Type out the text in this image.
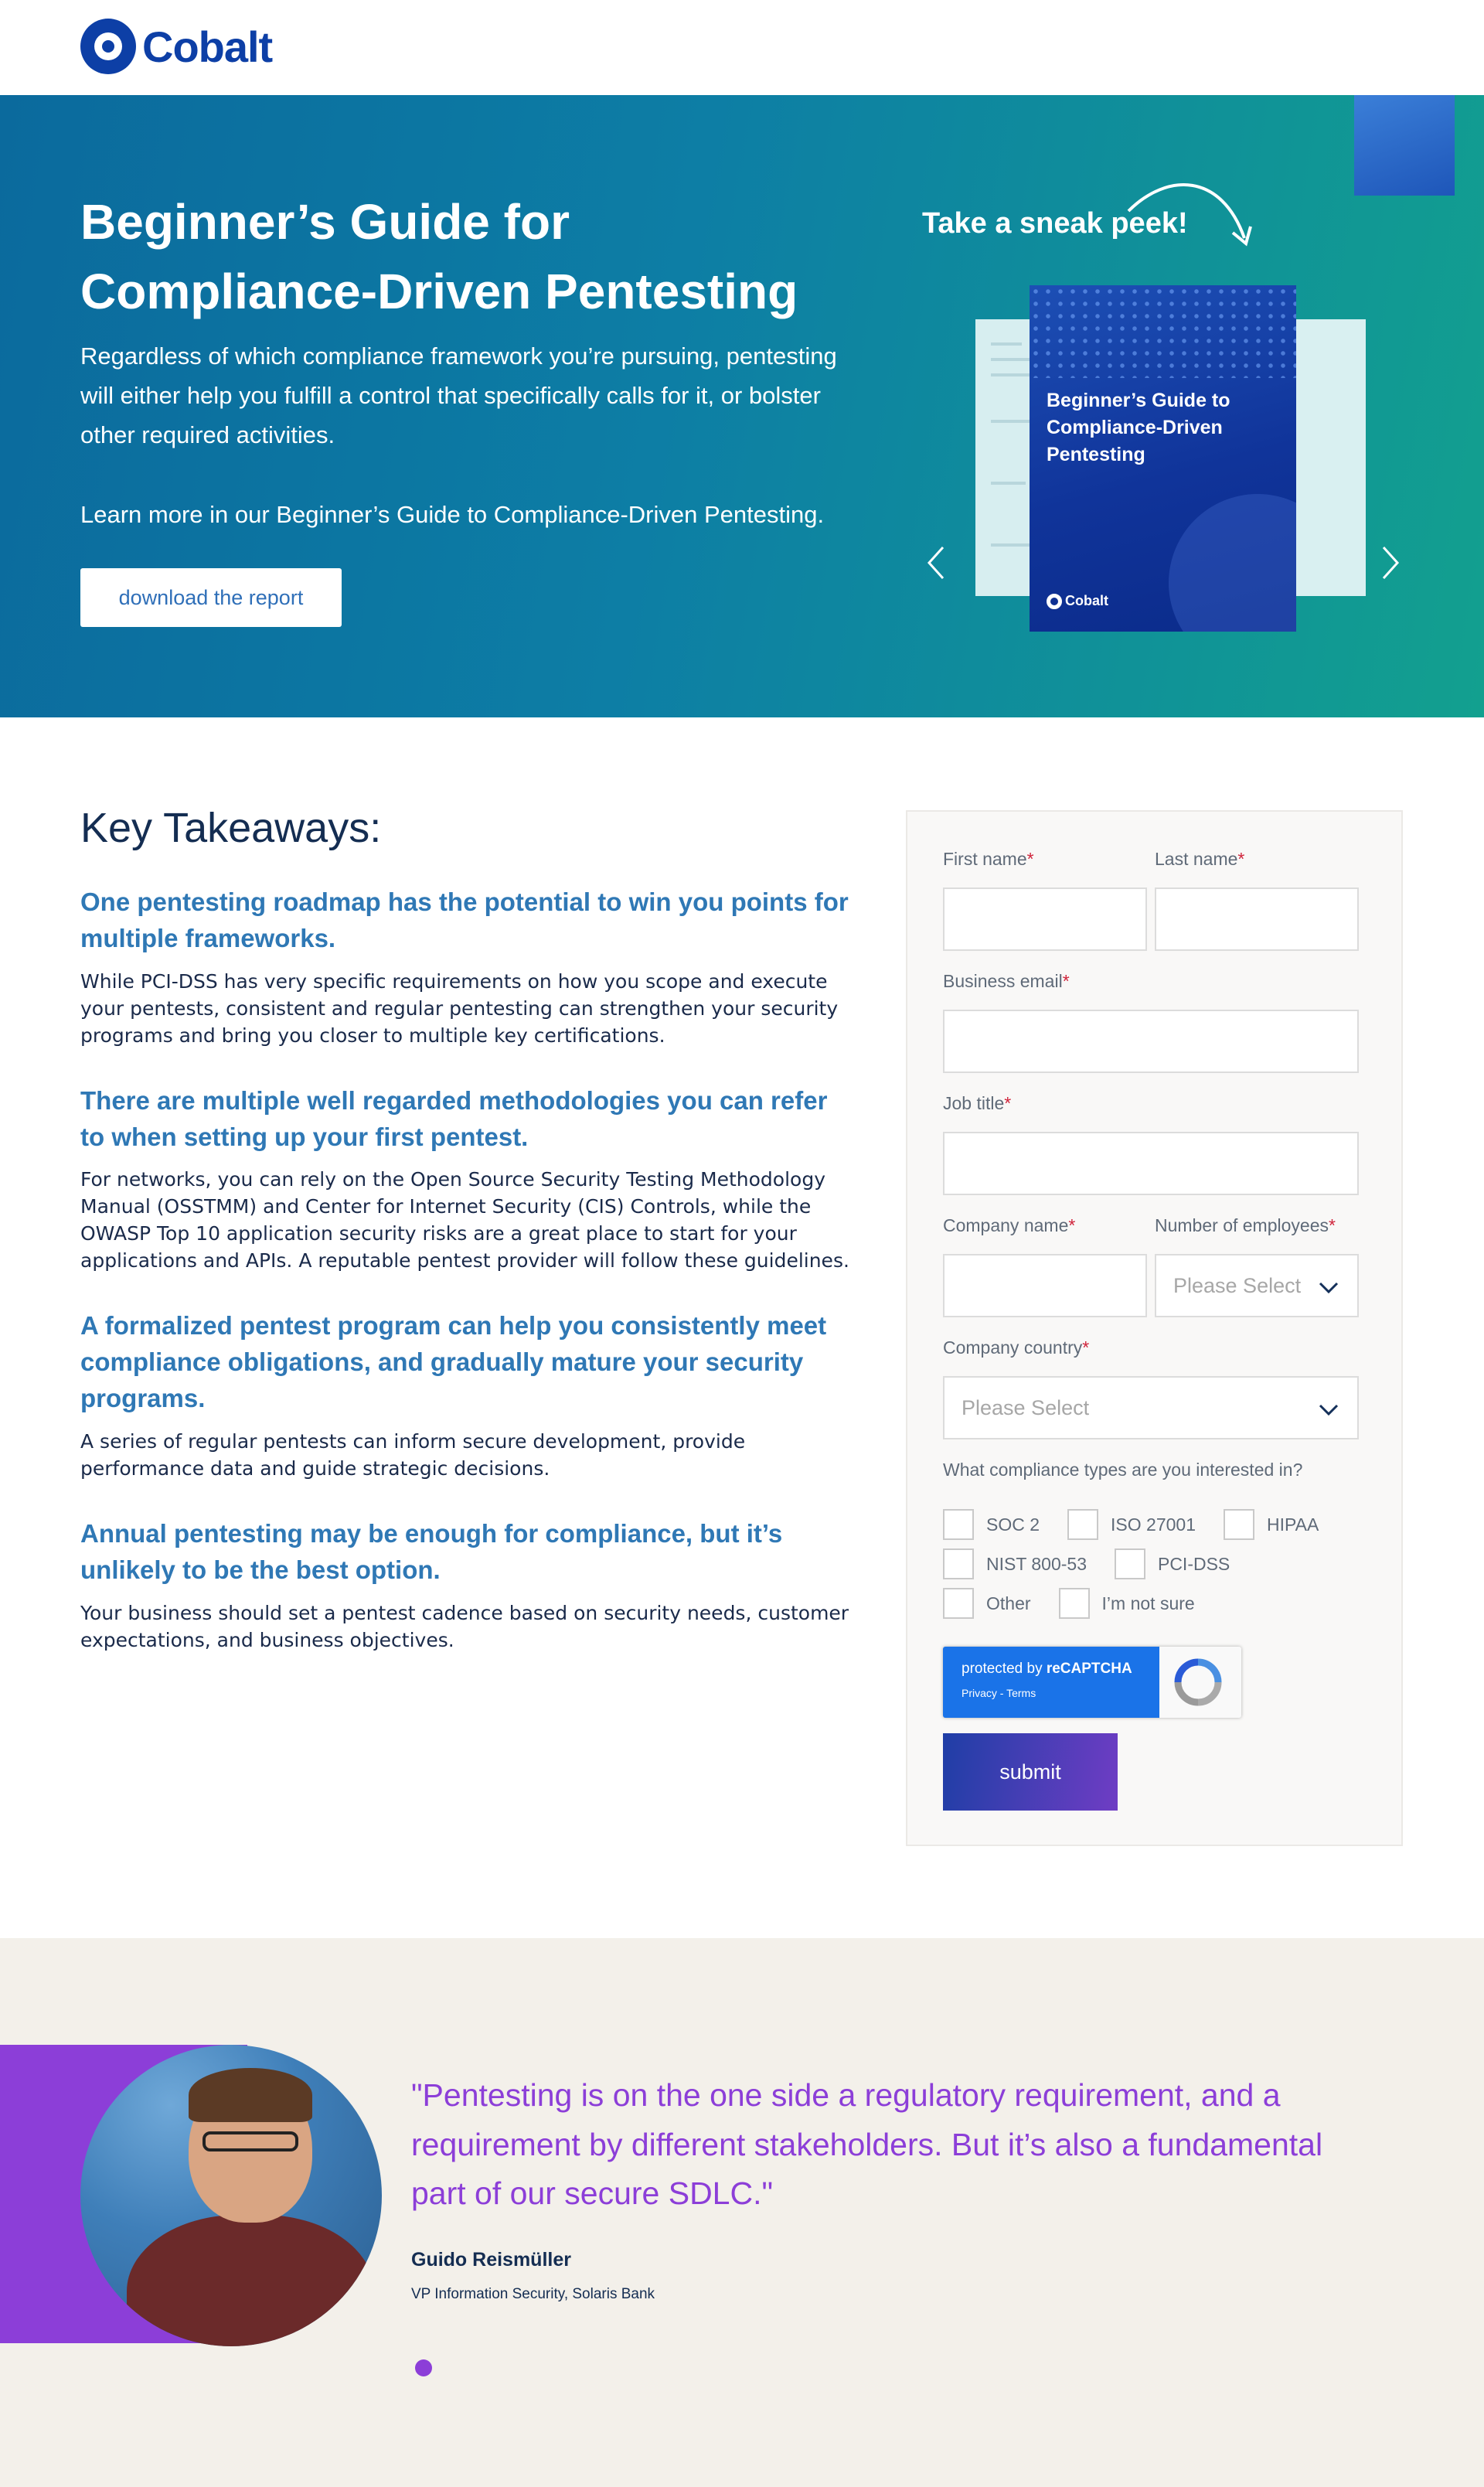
Cobalt
Beginner’s Guide for Compliance-Driven Pentesting

Regardless of which compliance framework you’re pursuing, pentesting will either help you fulfill a control that specifically calls for it, or bolster other required activities.

Learn more in our Beginner’s Guide to Compliance-Driven Pentesting.

download the report
Take a sneak peek!
Beginner’s Guide to Compliance-Driven Pentesting
Cobalt
Key Takeaways:
One pentesting roadmap has the potential to win you points for multiple frameworks.

While PCI-DSS has very specific requirements on how you scope and execute your pentests, consistent and regular pentesting can strengthen your security programs and bring you closer to multiple key certifications.

There are multiple well regarded methodologies you can refer to when setting up your first pentest.

For networks, you can rely on the Open Source Security Testing Methodology Manual (OSSTMM) and Center for Internet Security (CIS) Controls, while the OWASP Top 10 application security risks are a great place to start for your applications and APIs. A reputable pentest provider will follow these guidelines.

A formalized pentest program can help you consistently meet compliance obligations, and gradually mature your security programs.

A series of regular pentests can inform secure development, provide performance data and guide strategic decisions.

Annual pentesting may be enough for compliance, but it’s unlikely to be the best option.

Your business should set a pentest cadence based on security needs, customer expectations, and business objectives.

First name*	Last name*
Business email*
Job title*
Company name*	Number of employees*
Please Select
Company country*
Please Select
What compliance types are you interested in?
SOC 2	ISO 27001	HIPAA
NIST 800-53	PCI-DSS
Other	I’m not sure
protected by reCAPTCHA
Privacy - Terms
submit
"Pentesting is on the one side a regulatory requirement, and a requirement by different stakeholders. But it’s also a fundamental part of our secure SDLC."
Guido Reismüller
VP Information Security, Solaris Bank
